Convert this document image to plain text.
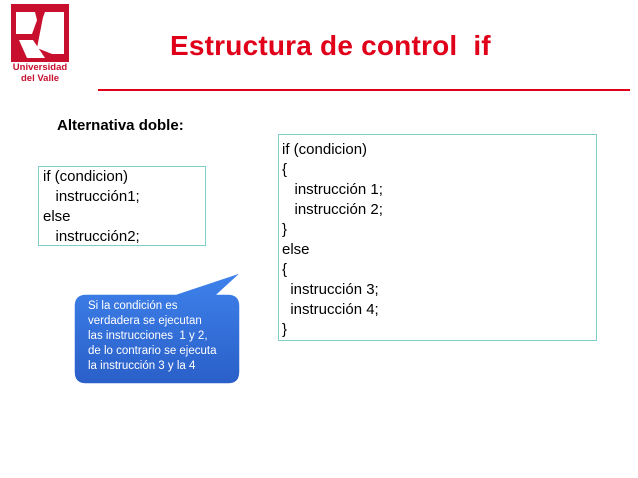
Universidad
del Valle
Estructura de control  if
Alternativa doble:
if (condicion)
instrucción1;
else
instrucción2;
if (condicion)
{
instrucción 1;
instrucción 2;
}
else
{
instrucción 3;
instrucción 4;
}
Si la condición es
verdadera se ejecutan
las instrucciones  1 y 2,
de lo contrario se ejecuta
la instrucción 3 y la 4
